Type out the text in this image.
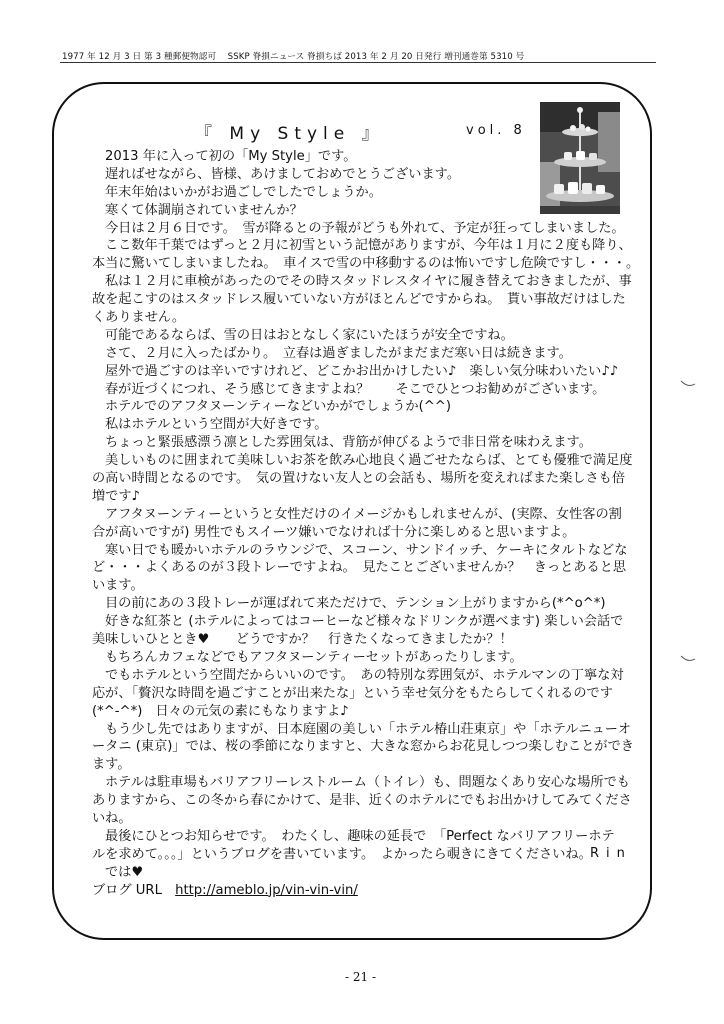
1977 年 12 月 3 日 第 3 種郵便物認可　 SSKP 脊損ニュース 脊損ちば 2013 年 2 月 20 日発行 増刊通巻第 5310 号
『 My Style 』	vol. 8
2013 年に入って初の「My Style」です。
遅ればせながら、皆様、あけましておめでとうございます。
年末年始はいかがお過ごしでしたでしょうか。
寒くて体調崩されていませんか？
今日は２月６日です。　雪が降るとの予報がどうも外れて、予定が狂ってしまいました。
ここ数年千葉ではずっと２月に初雪という記憶がありますが、今年は１月に２度も降り、
本当に驚いてしまいましたね。　車イスで雪の中移動するのは怖いですし危険ですし・・・。
私は１２月に車検があったのでその時スタッドレスタイヤに履き替えておきましたが、事
故を起こすのはスタッドレス履いていない方がほとんどですからね。　貰い事故だけはした
くありません。
可能であるならば、雪の日はおとなしく家にいたほうが安全ですね。
さて、２月に入ったばかり。　立春は過ぎましたがまだまだ寒い日は続きます。
屋外で過ごすのは辛いですけれど、どこかお出かけしたい♪　楽しい気分味わいたい♪♪
春が近づくにつれ、そう感じてきますよね？　　そこでひとつお勧めがございます。
ホテルでのアフタヌーンティーなどいかがでしょうか(^^)
私はホテルという空間が大好きです。
ちょっと緊張感漂う凛とした雰囲気は、背筋が伸びるようで非日常を味わえます。
美しいものに囲まれて美味しいお茶を飲み心地良く過ごせたならば、とても優雅で満足度
の高い時間となるのです。　気の置けない友人との会話も、場所を変えればまた楽しさも倍
増です♪
アフタヌーンティーというと女性だけのイメージかもしれませんが、(実際、女性客の割
合が高いですが) 男性でもスイーツ嫌いでなければ十分に楽しめると思いますよ。
寒い日でも暖かいホテルのラウンジで、スコーン、サンドイッチ、ケーキにタルトなどな
ど・・・よくあるのが３段トレーですよね。　見たことございませんか？　きっとあると思
います。
目の前にあの３段トレーが運ばれて来ただけで、テンション上がりますから(*^o^*)
好きな紅茶と (ホテルによってはコーヒーなど様々なドリンクが選べます) 楽しい会話で
美味しいひととき♥　　どうですか？　行きたくなってきましたか？！
もちろんカフェなどでもアフタヌーンティーセットがあったりします。
でもホテルという空間だからいいのです。　あの特別な雰囲気が、ホテルマンの丁寧な対
応が、「贅沢な時間を過ごすことが出来たな」という幸せ気分をもたらしてくれるのです
(*^-^*)　日々の元気の素にもなりますよ♪
もう少し先ではありますが、日本庭園の美しい「ホテル椿山荘東京」や「ホテルニューオ
ータニ (東京)」では、桜の季節になりますと、大きな窓からお花見しつつ楽しむことができ
ます。
ホテルは駐車場もバリアフリーレストルーム（トイレ）も、問題なくあり安心な場所でも
ありますから、この冬から春にかけて、是非、近くのホテルにでもお出かけしてみてくださ
いね。
最後にひとつお知らせです。　わたくし、趣味の延長で　「Perfect なバリアフリーホテ
ルを求めて。。。」というブログを書いています。　よかったら覗きにきてくださいね。
では♥
ブログ URL　 http://ameblo.jp/vin-vin-vin/
Rin
- 21 -
